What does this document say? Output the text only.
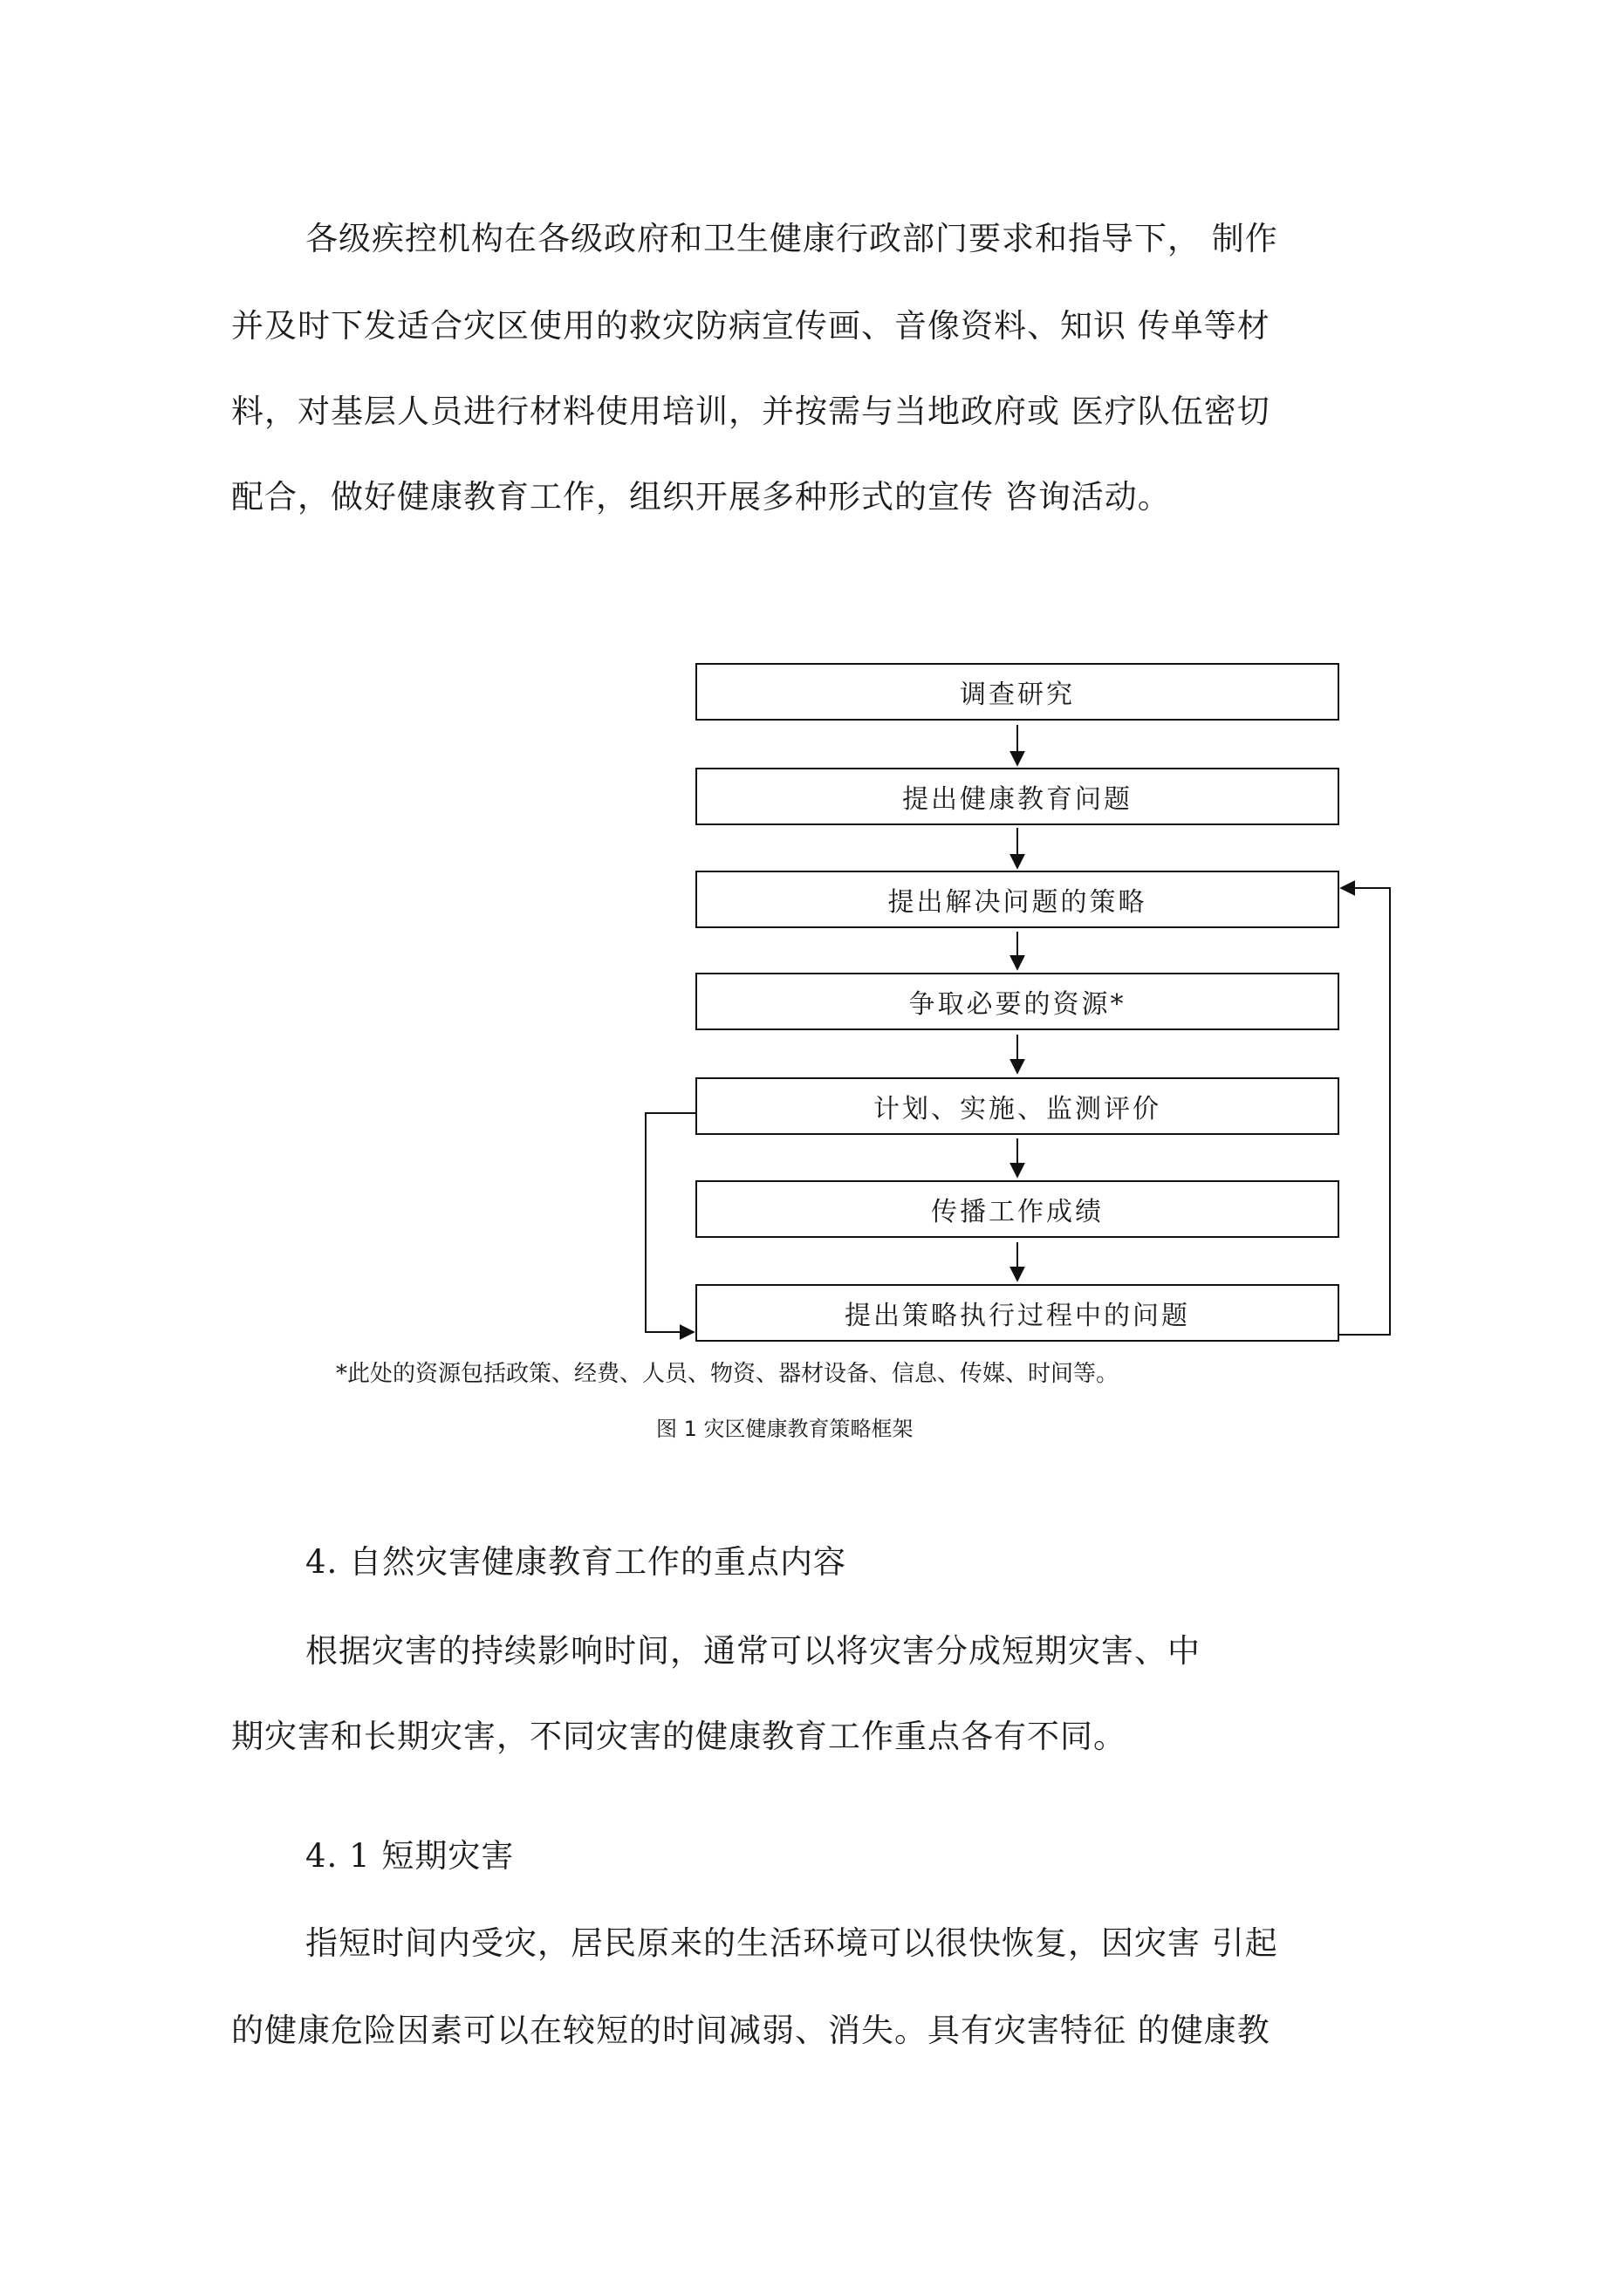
各级疾控机构在各级政府和卫生健康行政部门要求和指导下， 制作
并及时下发适合灾区使用的救灾防病宣传画、音像资料、知识 传单等材
料，对基层人员进行材料使用培训，并按需与当地政府或 医疗队伍密切
配合，做好健康教育工作，组织开展多种形式的宣传 咨询活动。
调查研究
提出健康教育问题
提出解决问题的策略
争取必要的资源*
计划、实施、监测评价
传播工作成绩
提出策略执行过程中的问题
*此处的资源包括政策、经费、人员、物资、器材设备、信息、传媒、时间等。
图 1 灾区健康教育策略框架
4. 自然灾害健康教育工作的重点内容
根据灾害的持续影响时间，通常可以将灾害分成短期灾害、中
期灾害和长期灾害，不同灾害的健康教育工作重点各有不同。
4. 1 短期灾害
指短时间内受灾，居民原来的生活环境可以很快恢复，因灾害 引起
的健康危险因素可以在较短的时间减弱、消失。具有灾害特征 的健康教
